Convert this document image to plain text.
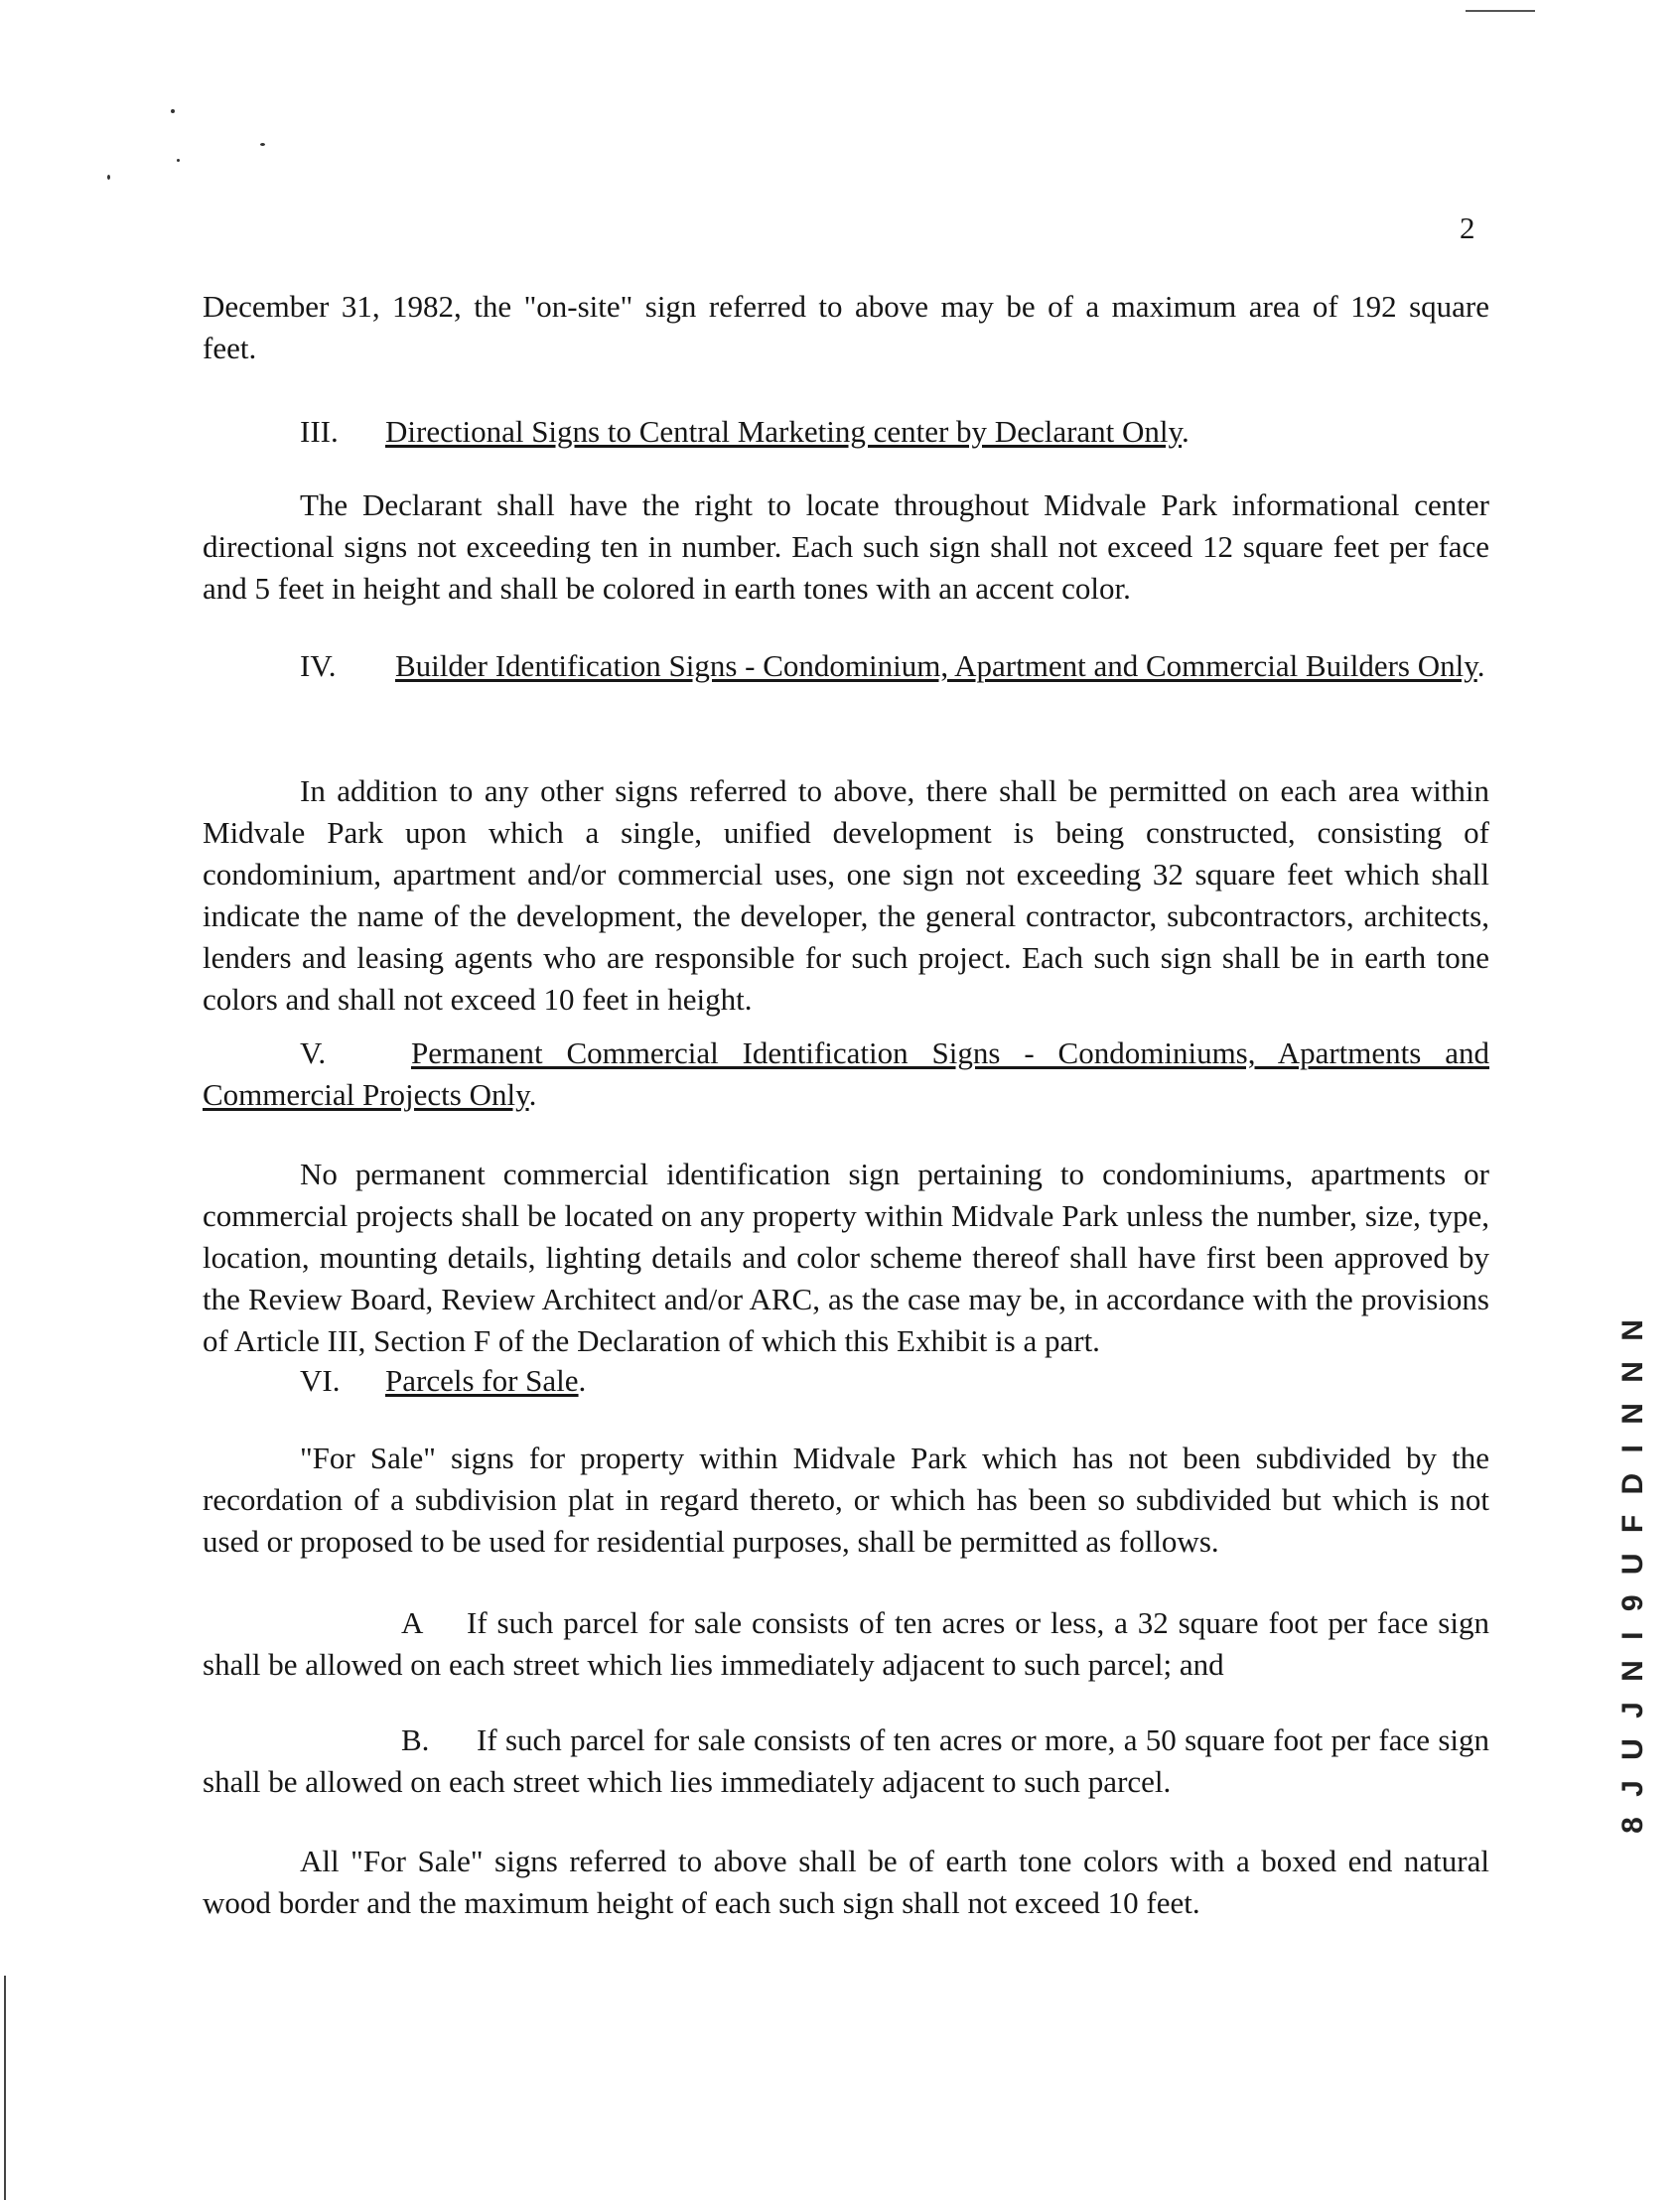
2
December 31, 1982, the "on-site" sign referred to above may be of a maximum area of 192 square
feet.
III. Directional Signs to Central Marketing center by Declarant Only.
The Declarant shall have the right to locate throughout Midvale Park informational center directional signs not exceeding ten in number. Each such sign shall not exceed 12 square feet per face and 5 feet in height and shall be colored in earth tones with an accent color.
IV. Builder Identification Signs - Condominium, Apartment and Commercial Builders Only.
In addition to any other signs referred to above, there shall be permitted on each area within Midvale Park upon which a single, unified development is being constructed, consisting of condominium, apartment and/or commercial uses, one sign not exceeding 32 square feet which shall indicate the name of the development, the developer, the general contractor, subcontractors, architects, lenders and leasing agents who are responsible for such project. Each such sign shall be in earth tone colors and shall not exceed 10 feet in height.
V.	Permanent Commercial Identification Signs - Condominiums, Apartments and Commercial Projects Only.
No permanent commercial identification sign pertaining to condominiums, apartments or commercial projects shall be located on any property within Midvale Park unless the number, size, type, location, mounting details, lighting details and color scheme thereof shall have first been approved by the Review Board, Review Architect and/or ARC, as the case may be, in accordance with the provisions of Article III, Section F of the Declaration of which this Exhibit is a part.
VI. Parcels for Sale.
"For Sale" signs for property within Midvale Park which has not been subdivided by the recordation of a subdivision plat in regard thereto, or which has been so subdivided but which is not used or proposed to be used for residential purposes, shall be permitted as follows.
A If such parcel for sale consists of ten acres or less, a 32 square foot per face sign shall be allowed on each street which lies immediately adjacent to such parcel; and
B. If such parcel for sale consists of ten acres or more, a 50 square foot per face sign shall be allowed on each street which lies immediately adjacent to such parcel.
All "For Sale" signs referred to above shall be of earth tone colors with a boxed end natural wood border and the maximum height of each such sign shall not exceed 10 feet.
8 J U J N I 9 U F D I N N N
